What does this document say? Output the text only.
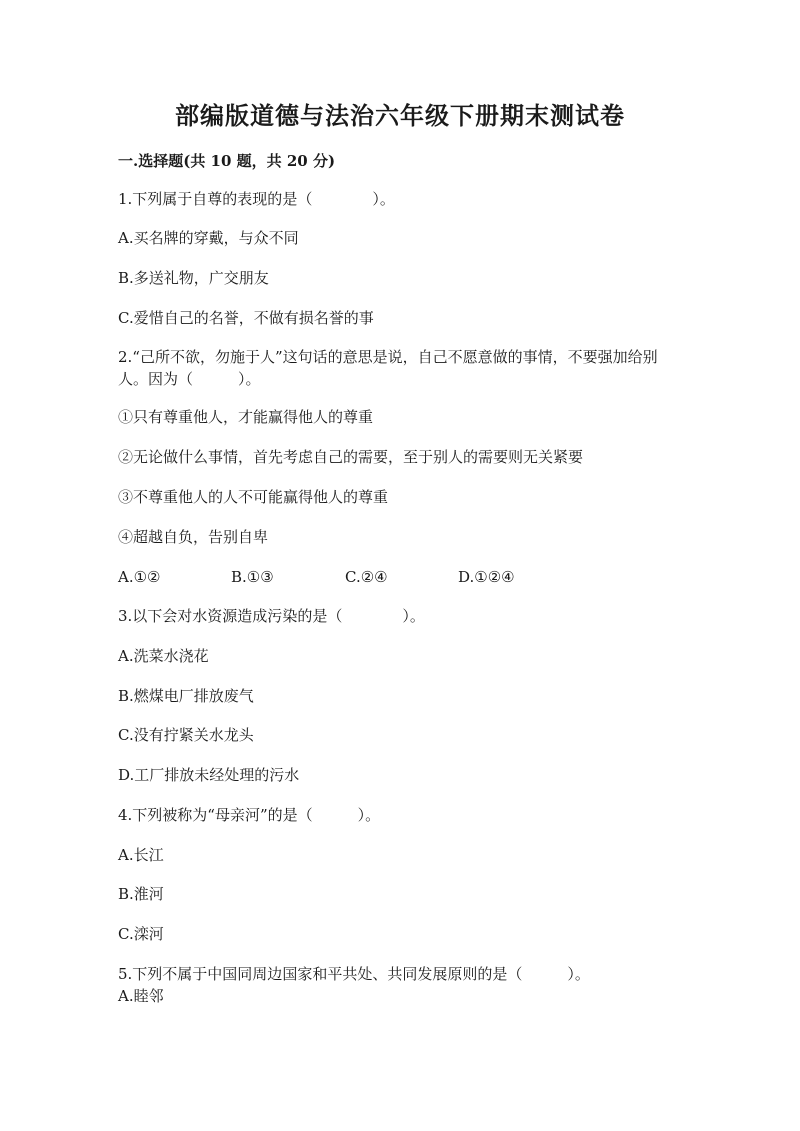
部编版道德与法治六年级下册期末测试卷
一.选择题(共 10 题，共 20 分)
1.下列属于自尊的表现的是（　　　　）。
A.买名牌的穿戴，与众不同
B.多送礼物，广交朋友
C.爱惜自己的名誉，不做有损名誉的事
2.“己所不欲，勿施于人”这句话的意思是说，自己不愿意做的事情，不要强加给别人。因为（　　　）。
①只有尊重他人，才能赢得他人的尊重
②无论做什么事情，首先考虑自己的需要，至于别人的需要则无关紧要
③不尊重他人的人不可能赢得他人的尊重
④超越自负，告别自卑
A.①②	B.①③	C.②④	D.①②④
3.以下会对水资源造成污染的是（　　　　）。
A.洗菜水浇花
B.燃煤电厂排放废气
C.没有拧紧关水龙头
D.工厂排放未经处理的污水
4.下列被称为“母亲河”的是（　　　）。
A.长江
B.淮河
C.滦河
5.下列不属于中国同周边国家和平共处、共同发展原则的是（　　　）。
A.睦邻
